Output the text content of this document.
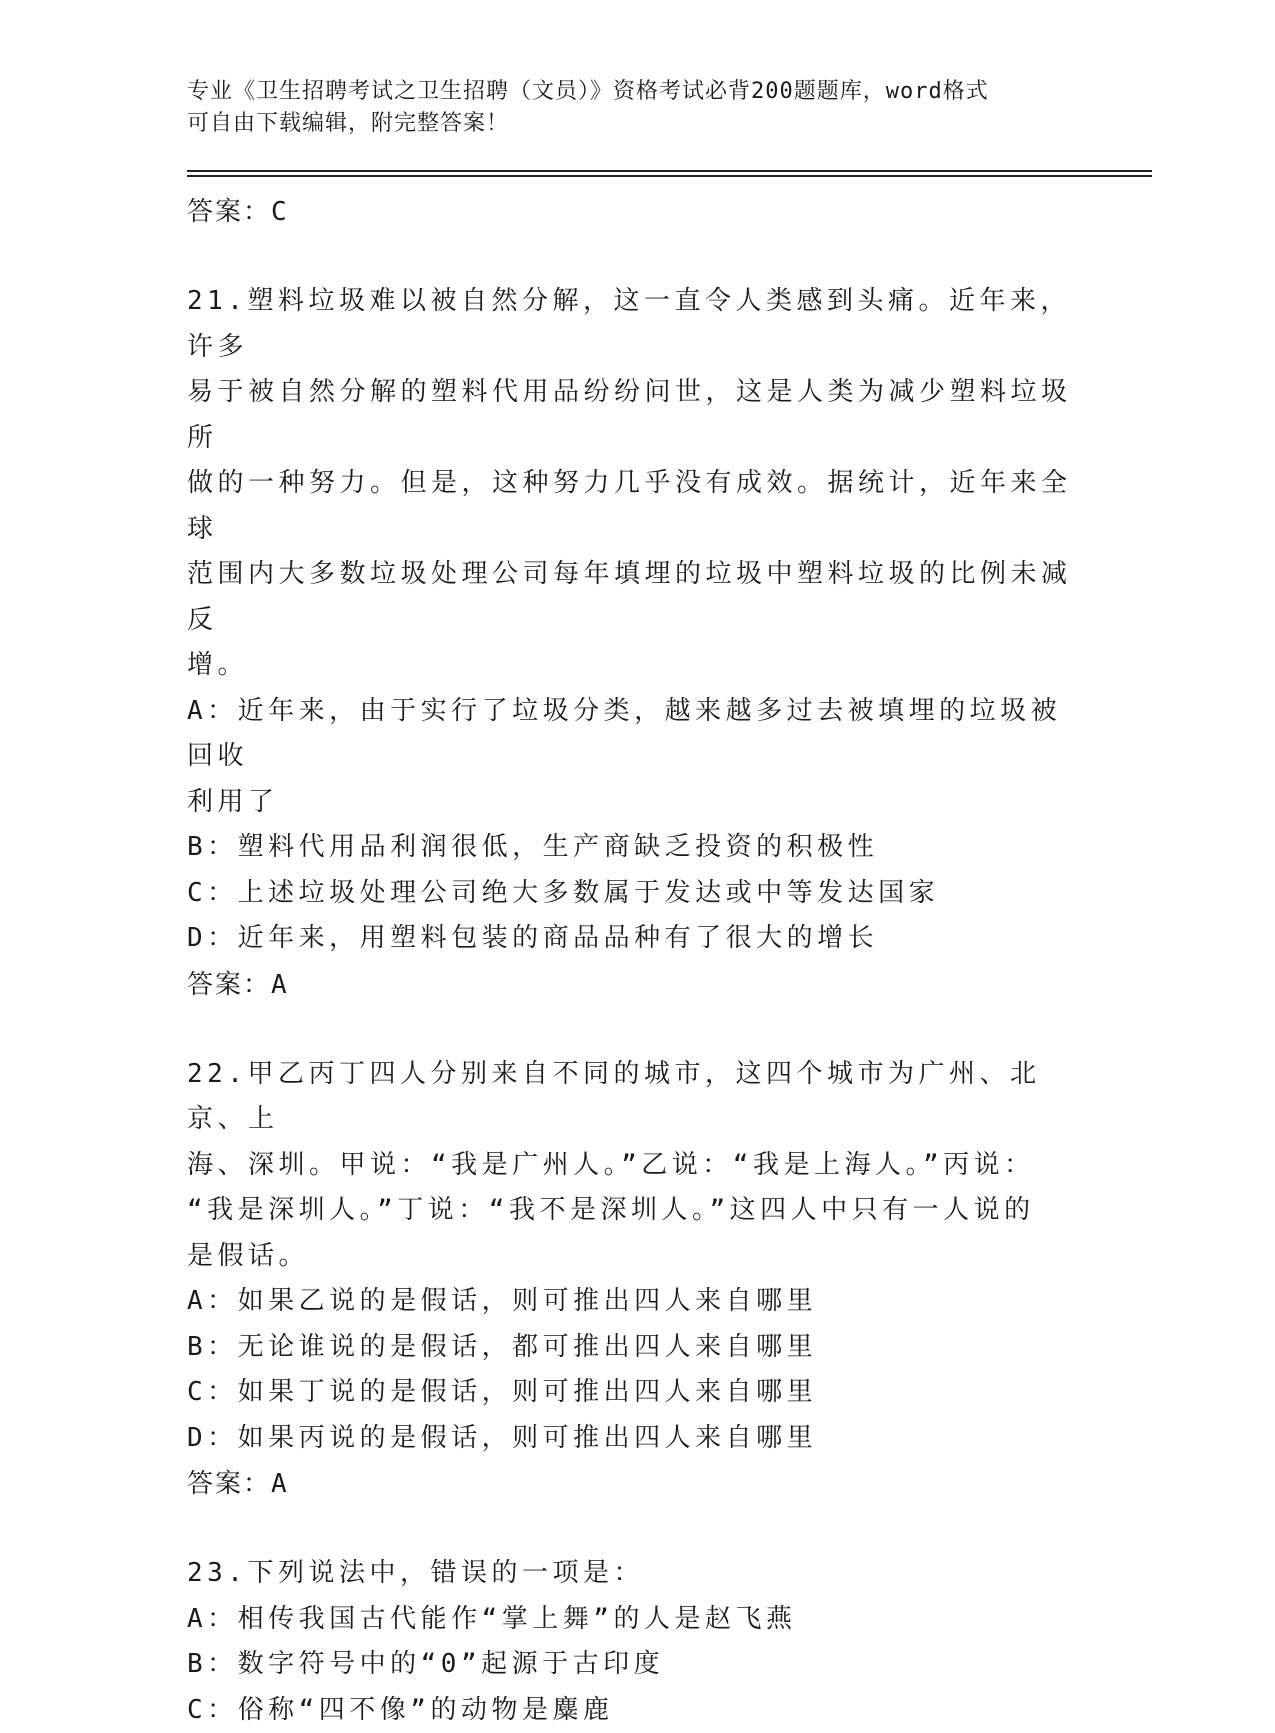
专业《卫生招聘考试之卫生招聘（文员）》资格考试必背200题题库，word格式
可自由下载编辑，附完整答案！

答案：C

21.塑料垃圾难以被自然分解，这一直令人类感到头痛。近年来，许多

易于被自然分解的塑料代用品纷纷问世，这是人类为减少塑料垃圾所

做的一种努力。但是，这种努力几乎没有成效。据统计，近年来全球

范围内大多数垃圾处理公司每年填埋的垃圾中塑料垃圾的比例未减反

增。

A：近年来，由于实行了垃圾分类，越来越多过去被填埋的垃圾被回收

利用了

B：塑料代用品利润很低，生产商缺乏投资的积极性

C：上述垃圾处理公司绝大多数属于发达或中等发达国家

D：近年来，用塑料包装的商品品种有了很大的增长

答案：A

22.甲乙丙丁四人分别来自不同的城市，这四个城市为广州、北京、上

海、深圳。甲说：“我是广州人。”乙说：“我是上海人。”丙说：

“我是深圳人。”丁说：“我不是深圳人。”这四人中只有一人说的

是假话。

A：如果乙说的是假话，则可推出四人来自哪里

B：无论谁说的是假话，都可推出四人来自哪里

C：如果丁说的是假话，则可推出四人来自哪里

D：如果丙说的是假话，则可推出四人来自哪里

答案：A

23.下列说法中，错误的一项是：

A：相传我国古代能作“掌上舞”的人是赵飞燕

B：数字符号中的“0”起源于古印度

C：俗称“四不像”的动物是麋鹿
